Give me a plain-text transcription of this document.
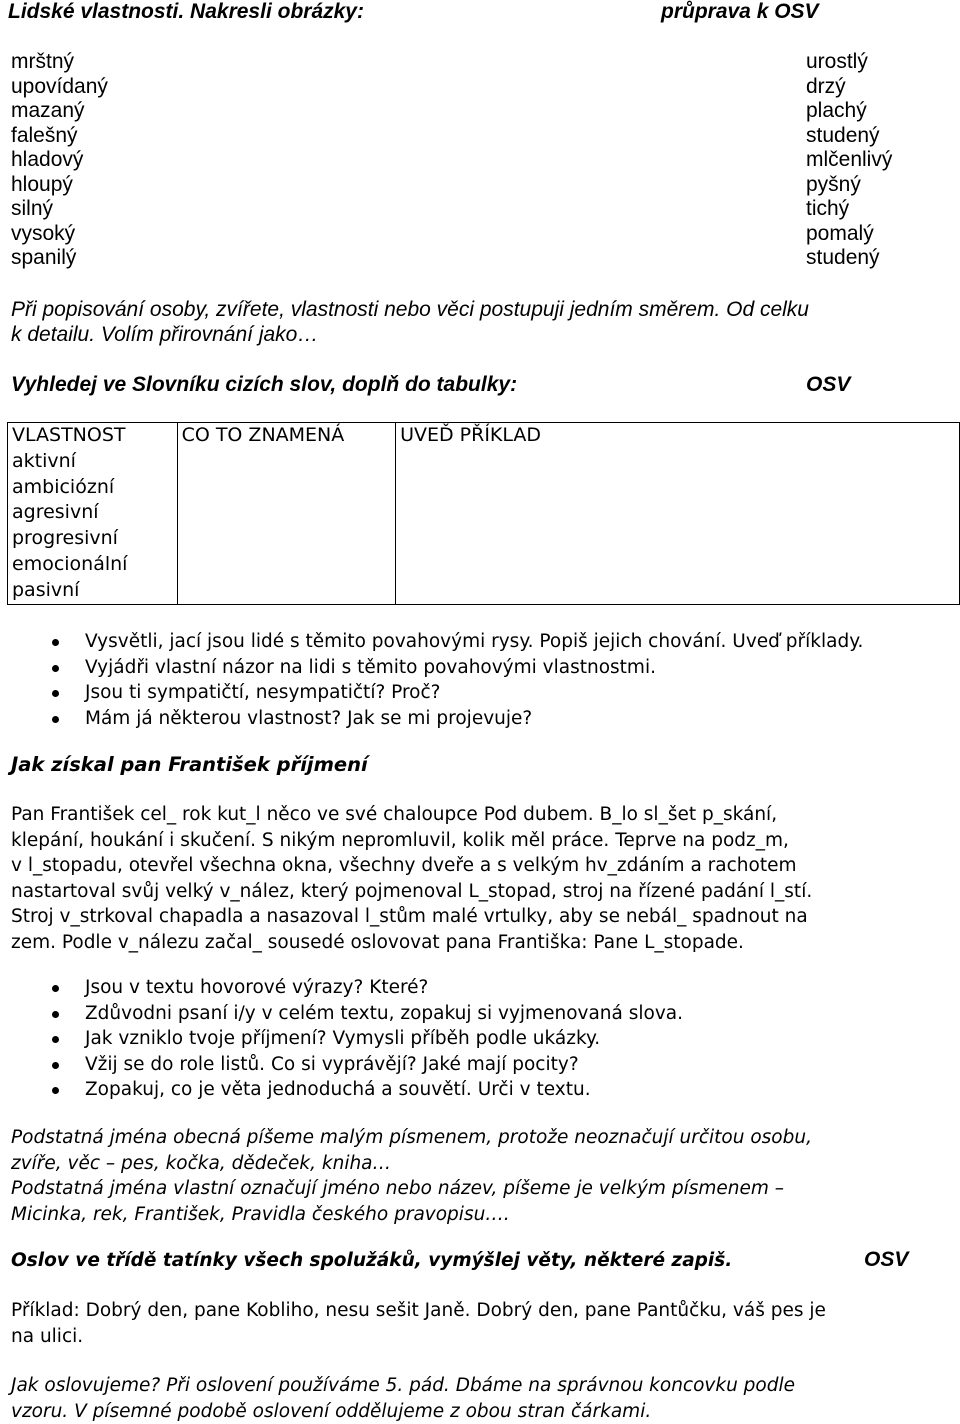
Lidské vlastnosti. Nakresli obrázky:	průprava k OSV
mrštný
upovídaný
mazaný
falešný
hladový
hloupý
silný
vysoký
spanilý
urostlý
drzý
plachý
studený
mlčenlivý
pyšný
tichý
pomalý
studený
Při popisování osoby, zvířete, vlastnosti nebo věci postupuji jedním směrem. Od celku
k detailu. Volím přirovnání jako…
Vyhledej ve Slovníku cizích slov, doplň do tabulky:	OSV
VLASTNOST	CO TO ZNAMENÁ	UVEĎ PŘÍKLAD

aktivní
ambiciózní
agresivní
progresivní
emocionální
pasivní
Vysvětli, jací jsou lidé s těmito povahovými rysy. Popiš jejich chování. Uveď příklady.
Vyjádři vlastní názor na lidi s těmito povahovými vlastnostmi.
Jsou ti sympatičtí, nesympatičtí? Proč?
Mám já některou vlastnost? Jak se mi projevuje?
Jak získal pan František příjmení
Pan František cel_ rok kut_l něco ve své chaloupce Pod dubem. B_lo sl_šet p_skání,
klepání, houkání i skučení. S nikým nepromluvil, kolik měl práce. Teprve na podz_m,
v l_stopadu, otevřel všechna okna, všechny dveře a s velkým hv_zdáním a rachotem
nastartoval svůj velký v_nález, který pojmenoval L_stopad, stroj na řízené padání l_stí.
Stroj v_strkoval chapadla a nasazoval l_stům malé vrtulky, aby se nebál_ spadnout na
zem. Podle v_nálezu začal_ sousedé oslovovat pana Františka: Pane L_stopade.
Jsou v textu hovorové výrazy? Které?
Zdůvodni psaní i/y v celém textu, zopakuj si vyjmenovaná slova.
Jak vzniklo tvoje příjmení? Vymysli příběh podle ukázky.
Vžij se do role listů. Co si vyprávějí? Jaké mají pocity?
Zopakuj, co je věta jednoduchá a souvětí. Urči v textu.
Podstatná jména obecná píšeme malým písmenem, protože neoznačují určitou osobu,
zvíře, věc – pes, kočka, dědeček, kniha…
Podstatná jména vlastní označují jméno nebo název, píšeme je velkým písmenem –
Micinka, rek, František, Pravidla českého pravopisu….
Oslov ve třídě tatínky všech spolužáků, vymýšlej věty, některé zapiš.	OSV
Příklad: Dobrý den, pane Kobliho, nesu sešit Janě. Dobrý den, pane Pantůčku, váš pes je
na ulici.
Jak oslovujeme? Při oslovení používáme 5. pád. Dbáme na správnou koncovku podle
vzoru. V písemné podobě oslovení oddělujeme z obou stran čárkami.
